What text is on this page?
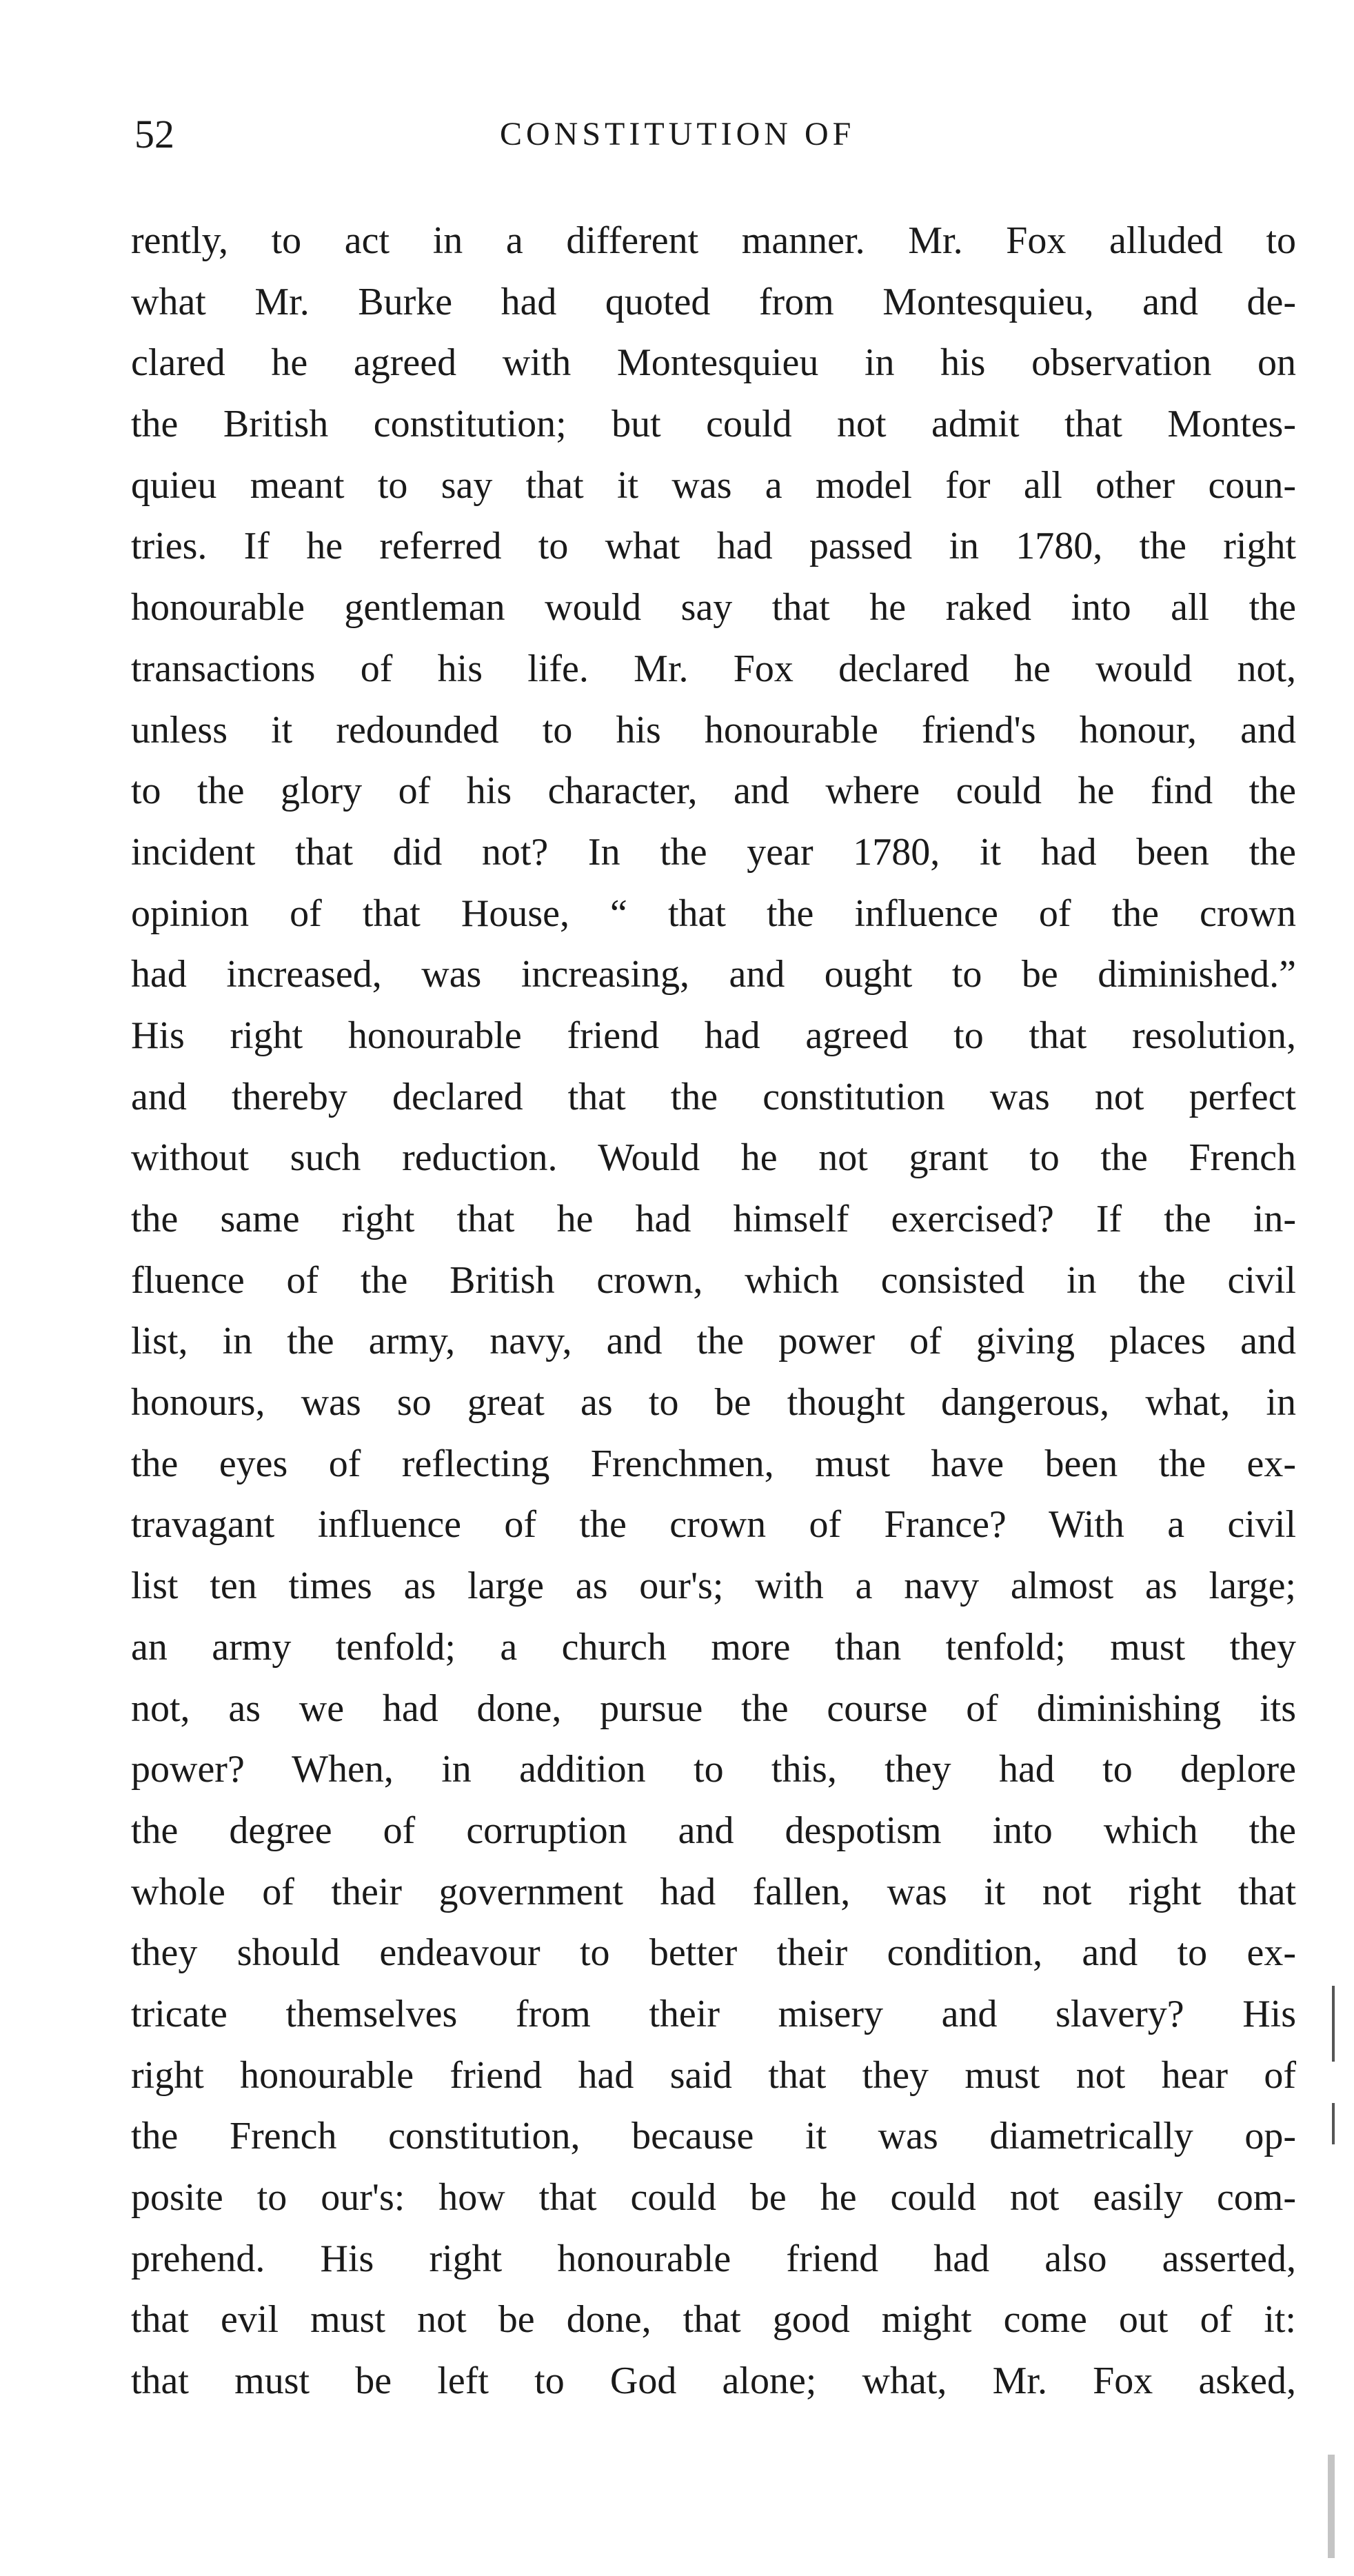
52	CONSTITUTION OF
rently, to act in a different manner. Mr. Fox alluded to
what Mr. Burke had quoted from Montesquieu, and de-
clared he agreed with Montesquieu in his observation on
the British constitution; but could not admit that Montes-
quieu meant to say that it was a model for all other coun-
tries. If he referred to what had passed in 1780, the right
honourable gentleman would say that he raked into all the
transactions of his life. Mr. Fox declared he would not,
unless it redounded to his honourable friend's honour, and
to the glory of his character, and where could he find the
incident that did not? In the year 1780, it had been the
opinion of that House, “ that the influence of the crown
had increased, was increasing, and ought to be diminished.”
His right honourable friend had agreed to that resolution,
and thereby declared that the constitution was not perfect
without such reduction. Would he not grant to the French
the same right that he had himself exercised? If the in-
fluence of the British crown, which consisted in the civil
list, in the army, navy, and the power of giving places and
honours, was so great as to be thought dangerous, what, in
the eyes of reflecting Frenchmen, must have been the ex-
travagant influence of the crown of France? With a civil
list ten times as large as our's; with a navy almost as large;
an army tenfold; a church more than tenfold; must they
not, as we had done, pursue the course of diminishing its
power? When, in addition to this, they had to deplore
the degree of corruption and despotism into which the
whole of their government had fallen, was it not right that
they should endeavour to better their condition, and to ex-
tricate themselves from their misery and slavery? His
right honourable friend had said that they must not hear of
the French constitution, because it was diametrically op-
posite to our's: how that could be he could not easily com-
prehend. His right honourable friend had also asserted,
that evil must not be done, that good might come out of it:
that must be left to God alone; what, Mr. Fox asked,
